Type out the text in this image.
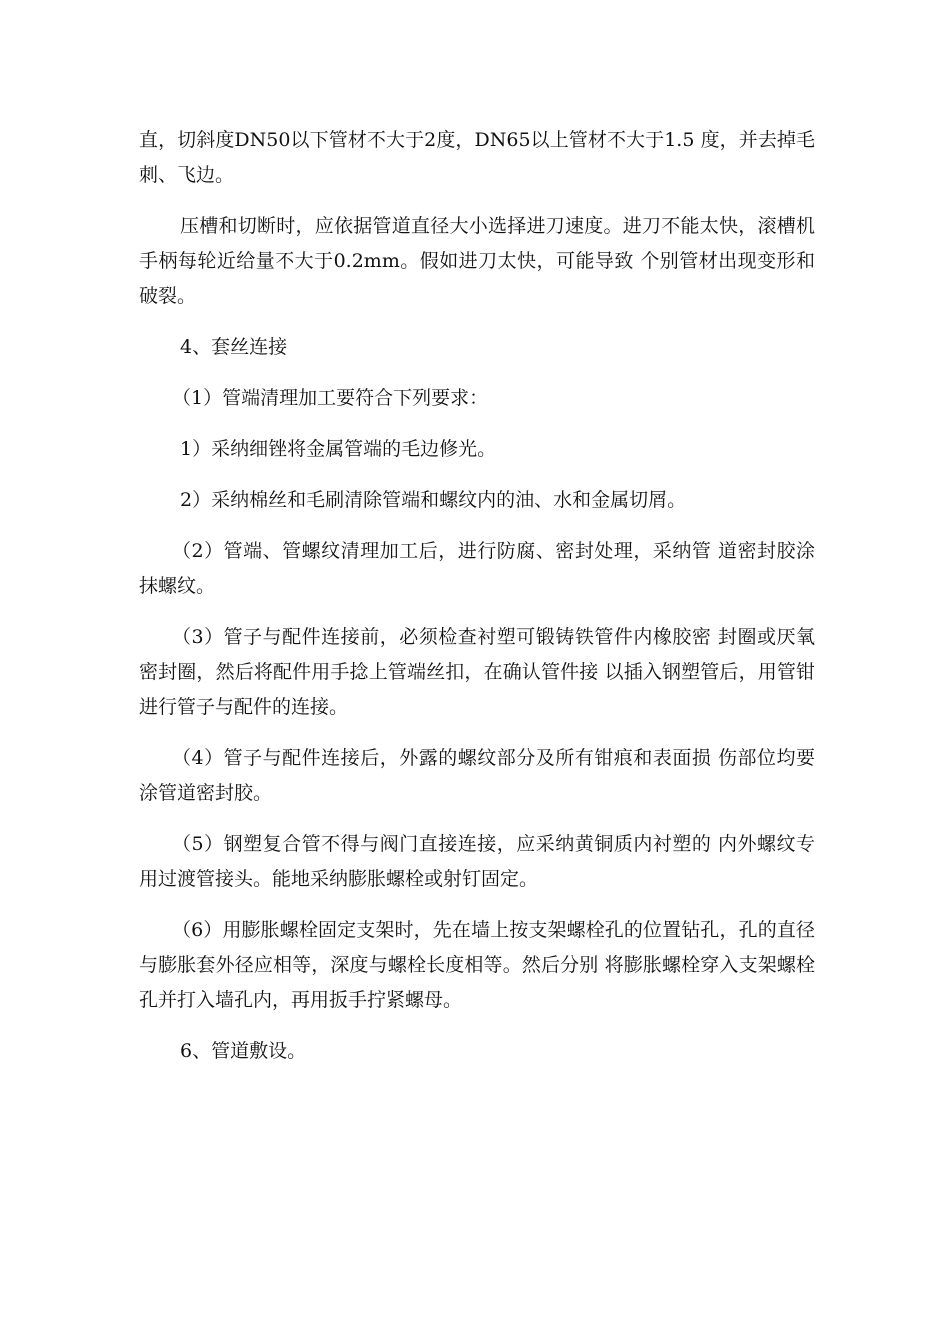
直，切斜度DN50以下管材不大于2度，DN65以上管材不大于1.5 度，并去掉毛刺、飞边。

压槽和切断时，应依据管道直径大小选择进刀速度。进刀不能太快，滚槽机手柄每轮近给量不大于0.2mm。假如进刀太快，可能导致 个别管材出现变形和破裂。

4、套丝连接

（1）管端清理加工要符合下列要求：

1）采纳细锉将金属管端的毛边修光。

2）采纳棉丝和毛刷清除管端和螺纹内的油、水和金属切屑。

（2）管端、管螺纹清理加工后，进行防腐、密封处理，采纳管 道密封胶涂抹螺纹。

（3）管子与配件连接前，必须检查衬塑可锻铸铁管件内橡胶密 封圈或厌氧密封圈，然后将配件用手捻上管端丝扣，在确认管件接 以插入钢塑管后，用管钳进行管子与配件的连接。

（4）管子与配件连接后，外露的螺纹部分及所有钳痕和表面损 伤部位均要涂管道密封胶。

（5）钢塑复合管不得与阀门直接连接，应采纳黄铜质内衬塑的 内外螺纹专用过渡管接头。能地采纳膨胀螺栓或射钉固定。

（6）用膨胀螺栓固定支架时，先在墙上按支架螺栓孔的位置钻孔，孔的直径与膨胀套外径应相等，深度与螺栓长度相等。然后分别 将膨胀螺栓穿入支架螺栓孔并打入墙孔内，再用扳手拧紧螺母。

6、管道敷设。
